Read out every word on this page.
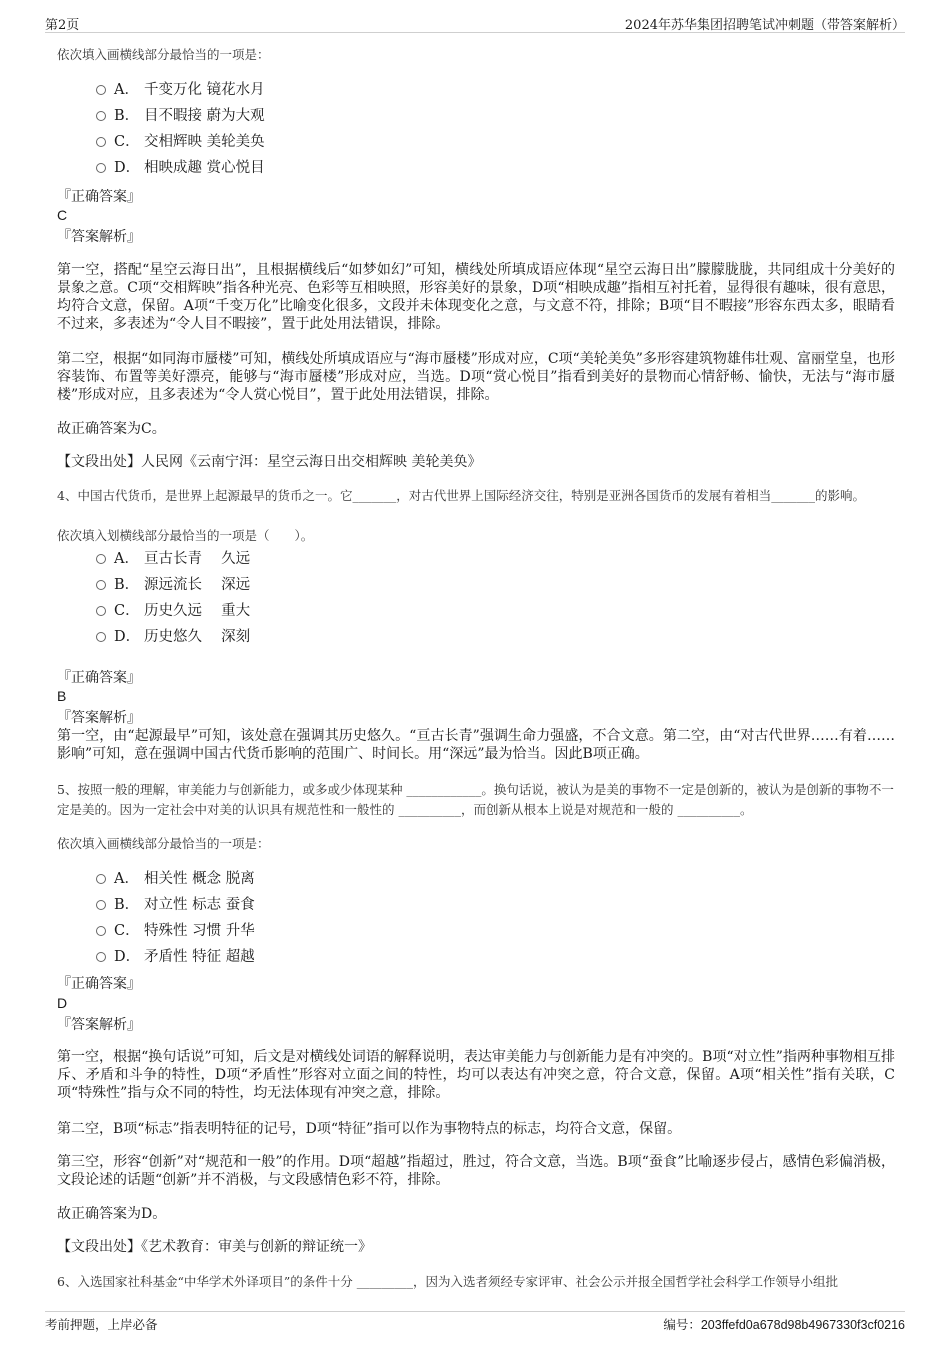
第2页	2024年苏华集团招聘笔试冲刺题（带答案解析）
依次填入画横线部分最恰当的一项是：
A． 千变万化 镜花水月
B． 目不暇接 蔚为大观
C． 交相辉映 美轮美奂
D． 相映成趣 赏心悦目
『正确答案』
C
『答案解析』
第一空，搭配“星空云海日出”，且根据横线后“如梦如幻”可知，横线处所填成语应体现“星空云海日出”朦朦胧胧，共同组成十分美好的景象之意。C项“交相辉映”指各种光亮、色彩等互相映照，形容美好的景象，D项“相映成趣”指相互衬托着，显得很有趣味，很有意思，均符合文意，保留。A项“千变万化”比喻变化很多，文段并未体现变化之意，与文意不符，排除；B项“目不暇接”形容东西太多，眼睛看不过来，多表述为“令人目不暇接”，置于此处用法错误，排除。
第二空，根据“如同海市蜃楼”可知，横线处所填成语应与“海市蜃楼”形成对应，C项“美轮美奂”多形容建筑物雄伟壮观、富丽堂皇，也形容装饰、布置等美好漂亮，能够与“海市蜃楼”形成对应，当选。D项“赏心悦目”指看到美好的景物而心情舒畅、愉快，无法与“海市蜃楼”形成对应，且多表述为“令人赏心悦目”，置于此处用法错误，排除。
故正确答案为C。
【文段出处】人民网《云南宁洱：星空云海日出交相辉映 美轮美奂》
4、中国古代货币，是世界上起源最早的货币之一。它_______，对古代世界上国际经济交往，特别是亚洲各国货币的发展有着相当_______的影响。
依次填入划横线部分最恰当的一项是（　　）。
A． 亘古长青　 久远
B． 源远流长　 深远
C． 历史久远　 重大
D． 历史悠久　 深刻
『正确答案』
B
『答案解析』
第一空，由“起源最早”可知，该处意在强调其历史悠久。“亘古长青”强调生命力强盛，不合文意。第二空，由“对古代世界……有着……影响”可知，意在强调中国古代货币影响的范围广、时间长。用“深远”最为恰当。因此B项正确。
5、按照一般的理解，审美能力与创新能力，或多或少体现某种 ____________。换句话说，被认为是美的事物不一定是创新的，被认为是创新的事物不一定是美的。因为一定社会中对美的认识具有规范性和一般性的 __________，而创新从根本上说是对规范和一般的 __________。
依次填入画横线部分最恰当的一项是：
A． 相关性 概念 脱离
B． 对立性 标志 蚕食
C． 特殊性 习惯 升华
D． 矛盾性 特征 超越
『正确答案』
D
『答案解析』
第一空，根据“换句话说”可知，后文是对横线处词语的解释说明，表达审美能力与创新能力是有冲突的。B项“对立性”指两种事物相互排斥、矛盾和斗争的特性，D项“矛盾性”形容对立面之间的特性，均可以表达有冲突之意，符合文意，保留。A项“相关性”指有关联，C项“特殊性”指与众不同的特性，均无法体现有冲突之意，排除。
第二空，B项“标志”指表明特征的记号，D项“特征”指可以作为事物特点的标志，均符合文意，保留。
第三空，形容“创新”对“规范和一般”的作用。D项“超越”指超过，胜过，符合文意，当选。B项“蚕食”比喻逐步侵占，感情色彩偏消极，文段论述的话题“创新”并不消极，与文段感情色彩不符，排除。
故正确答案为D。
【文段出处】《艺术教育：审美与创新的辩证统一》
6、入选国家社科基金“中华学术外译项目”的条件十分 _________，因为入选者须经专家评审、社会公示并报全国哲学社会科学工作领导小组批
考前押题，上岸必备	编号：203ffefd0a678d98b4967330f3cf0216
